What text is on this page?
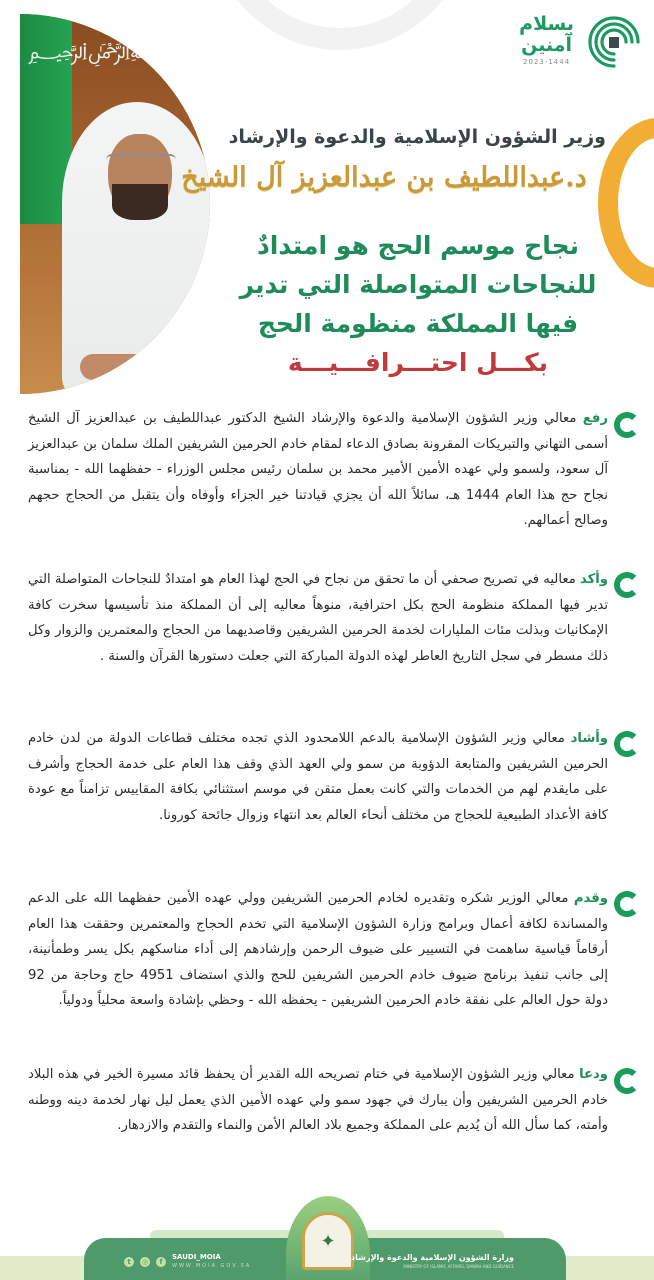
﷽
بسلام
آمنين
2023-1444
وزير الشؤون الإسلامية والدعوة والإرشاد
د.عبداللطيف بن عبدالعزيز آل الشيخ
نجاح موسم الحج هو امتدادٌ
للنجاحات المتواصلة التي تدير
فيها المملكة منظومة الحج
بكـــل احتـــرافـــيـــة
رفع معالي وزير الشؤون الإسلامية والدعوة والإرشاد الشيخ الدكتور عبداللطيف بن عبدالعزيز آل الشيخ أسمى التهاني والتبريكات المقرونة بصادق الدعاء لمقام خادم الحرمين الشريفين الملك سلمان بن عبدالعزيز آل سعود، ولسمو ولي عهده الأمين الأمير محمد بن سلمان رئيس مجلس الوزراء - حفظهما الله - بمناسبة نجاح حج هذا العام 1444 هـ، سائلاً الله أن يجزي قيادتنا خير الجزاء وأوفاه وأن يتقبل من الحجاج حجهم وصالح أعمالهم.
وأكد معاليه في تصريح صحفي أن ما تحقق من نجاح في الحج لهذا العام هو امتدادٌ للنجاحات المتواصلة التي تدير فيها المملكة منظومة الحج بكل احترافية، منوهاً معاليه إلى أن المملكة منذ تأسيسها سخرت كافة الإمكانيات وبذلت مئات المليارات لخدمة الحرمين الشريفين وقاصديهما من الحجاج والمعتمرين والزوار وكل ذلك مسطر في سجل التاريخ العاطر لهذه الدولة المباركة التي جعلت دستورها القرآن والسنة .
وأشاد معالي وزير الشؤون الإسلامية بالدعم اللامحدود الذي تجده مختلف قطاعات الدولة من لدن خادم الحرمين الشريفين والمتابعة الدؤوبة من سمو ولي العهد الذي وقف هذا العام على خدمة الحجاج وأشرف على مايقدم لهم من الخدمات والتي كانت بعمل متقن في موسم استثنائي بكافة المقاييس تزامناً مع عودة كافة الأعداد الطبيعية للحجاج من مختلف أنحاء العالم بعد انتهاء وزوال جائحة كورونا.
وقدم معالي الوزير شكره وتقديره لخادم الحرمين الشريفين وولي عهده الأمين حفظهما الله على الدعم والمساندة لكافة أعمال وبرامج وزارة الشؤون الإسلامية التي تخدم الحجاج والمعتمرين وحققت هذا العام أرقاماً قياسية ساهمت في التسيير على ضيوف الرحمن وإرشادهم إلى أداء مناسكهم بكل يسر وطمأنينة، إلى جانب تنفيذ برنامج ضيوف خادم الحرمين الشريفين للحج والذي استضاف 4951 حاج وحاجة من 92 دولة حول العالم على نفقة خادم الحرمين الشريفين - يحفظه الله - وحظي بإشادة واسعة محلياً ودولياً.
ودعا معالي وزير الشؤون الإسلامية في ختام تصريحه الله القدير أن يحفظ قائد مسيرة الخير في هذه البلاد خادم الحرمين الشريفين وأن يبارك في جهود سمو ولي عهده الأمين الذي يعمل ليل نهار لخدمة دينه ووطنه وأمته، كما سأل الله أن يُديم على المملكة وجميع بلاد العالم الأمن والنماء والتقدم والازدهار.
✦
t	◎	f
SAUDI_MOIA
WWW.MOIA.GOV.SA
وزارة الشؤون الإسلامية والدعوة والإرشاد
MINISTRY OF ISLAMIC AFFAIRS, DAWAH AND GUIDANCE
